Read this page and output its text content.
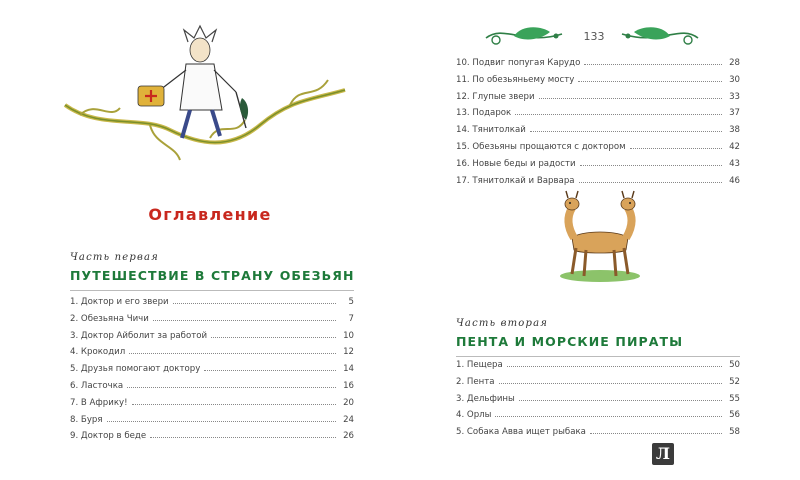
133
10. Подвиг попугая Карудо	28
11. По обезьяньему мосту	30
12. Глупые звери	33
13. Подарок	37
14. Тянитолкай	38
15. Обезьяны прощаются с доктором	42
16. Новые беды и радости	43
17. Тянитолкай и Варвара	46
Оглавление
Часть первая
ПУТЕШЕСТВИЕ В СТРАНУ ОБЕЗЬЯН
1. Доктор и его звери	5
2. Обезьяна Чичи	7
3. Доктор Айболит за работой	10
4. Крокодил	12
5. Друзья помогают доктору	14
6. Ласточка	16
7. В Африку!	20
8. Буря	24
9. Доктор в беде	26
Часть вторая
ПЕНТА И МОРСКИЕ ПИРАТЫ
1. Пещера	50
2. Пента	52
3. Дельфины	55
4. Орлы	56
5. Собака Авва ищет рыбака	58
Л
